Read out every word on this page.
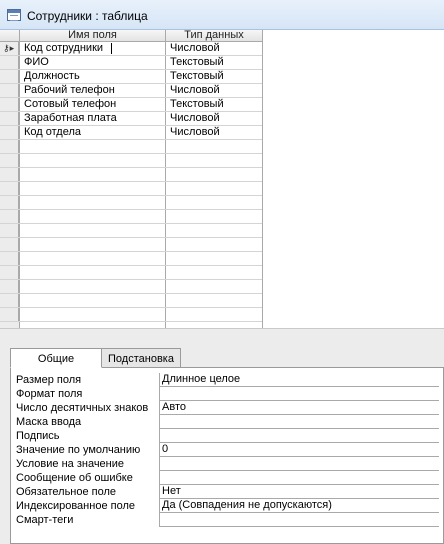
Сотрудники : таблица
Имя поля	Тип данных
⚷▸ Код сотрудники	Числовой
ФИО	Текстовый
Должность	Текстовый
Рабочий телефон	Числовой
Сотовый телефон	Текстовый
Заработная плата	Числовой
Код отдела	Числовой
Общие	Подстановка
Размер поля	Длинное целое
Формат поля
Число десятичных знаков	Авто
Маска ввода
Подпись
Значение по умолчанию	0
Условие на значение
Сообщение об ошибке
Обязательное поле	Нет
Индексированное поле	Да (Совпадения не допускаются)
Смарт-теги
